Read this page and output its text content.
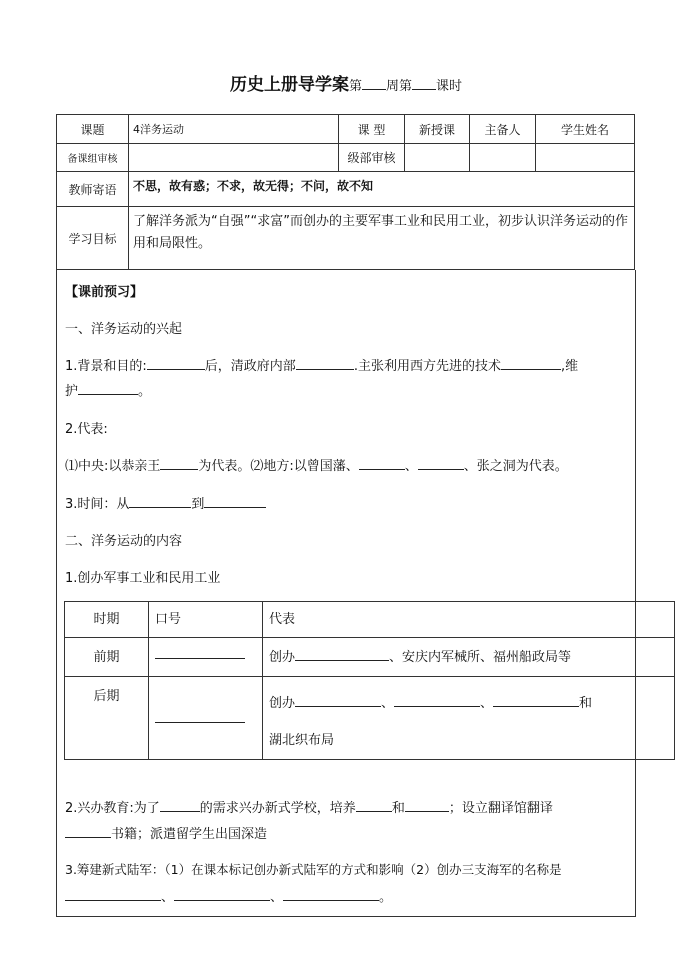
历史上册导学案第 周第 课时
课题	4洋务运动	课 型	新授课	主备人	学生姓名
备课组审核		级部审核			
教师寄语	不思，故有惑；不求，故无得；不问，故不知				
学习目标	了解洋务派为“自强”“求富”而创办的主要军事工业和民用工业，初步认识洋务运动的作用和局限性。				
【课前预习】
一、洋务运动的兴起
1.背景和目的:	后，清政府内部	.主张利用西方先进的技术	,维
护	。
2.代表:
⑴中央:以恭亲王	为代表。⑵地方:以曾国藩、	、	、张之洞为代表。
3.时间：从	到
二、洋务运动的内容
1.创办军事工业和民用工业
时期	口号	代表
前期		创办 、安庆内军械所、福州船政局等
后期		创办 、 、 和
湖北织布局
2.兴办教育:为了	的需求兴办新式学校，培养	和	；设立翻译馆翻译
书籍；派遣留学生出国深造
3.筹建新式陆军：（1）在课本标记创办新式陆军的方式和影响（2）创办三支海军的名称是
、	、	。
